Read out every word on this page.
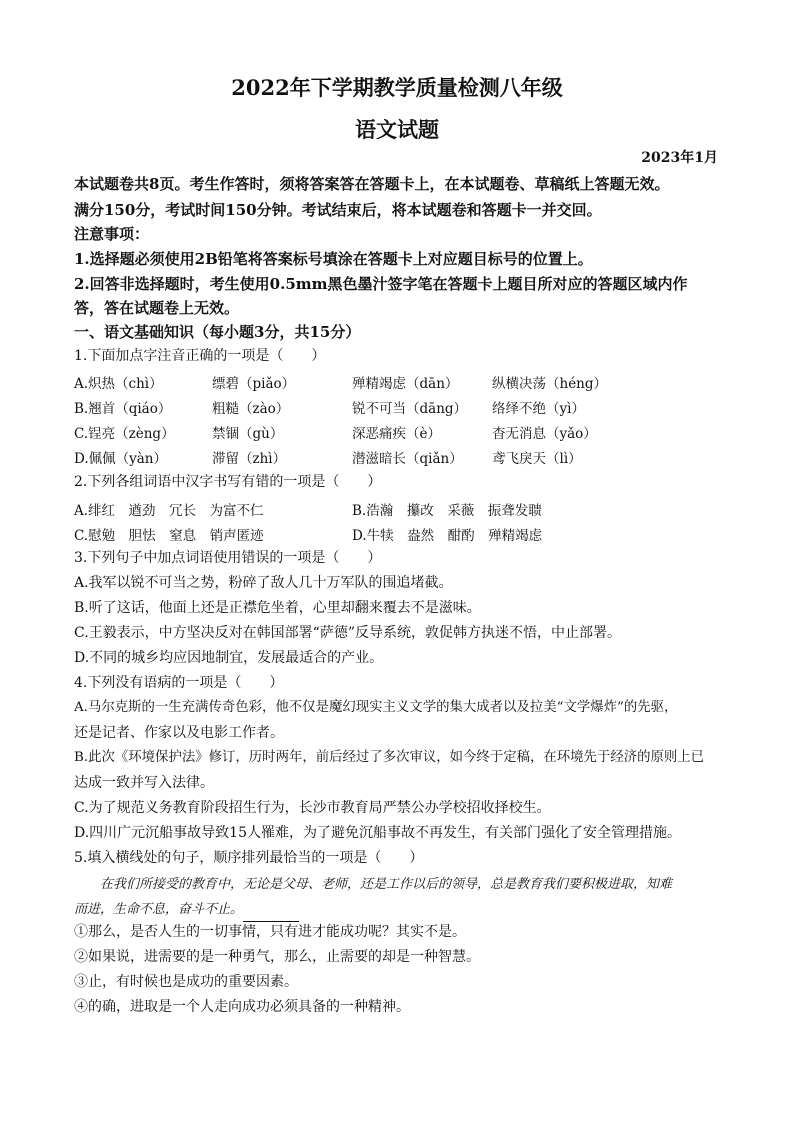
2022年下学期教学质量检测八年级
语文试题
2023年1月
本试题卷共8页。考生作答时，须将答案答在答题卡上，在本试题卷、草稿纸上答题无效。
满分150分，考试时间150分钟。考试结束后，将本试题卷和答题卡一并交回。
注意事项：
1.选择题必须使用2B铅笔将答案标号填涂在答题卡上对应题目标号的位置上。
2.回答非选择题时，考生使用0.5mm黑色墨汁签字笔在答题卡上题目所对应的答题区域内作
答，答在试题卷上无效。
一、语文基础知识（每小题3分，共15分）
1.下面加点字注音正确的一项是（　　）
A.炽热（chì）	缥碧（piǎo）	殚精竭虑（dān） 纵横决荡（héng）
B.翘首（qiáo）	粗糙（zào）	锐不可当（dāng） 络绎不绝（yì）
C.锃亮（zèng）	禁锢（gù）	深恶痛疾（è）	杳无消息（yǎo）
D.佩佩（yàn）	滞留（zhì）	潜滋暗长（qiǎn） 鸢飞戾天（lì）
2.下列各组词语中汉字书写有错的一项是（　　）
A.绯红　遒劲　冗长　为富不仁	B.浩瀚　攥改　采薇　振聋发聩
C.慰勉　胆怯　窒息　销声匿迹	D.牛犊　盎然　酣酌　殚精竭虑
3.下列句子中加点词语使用错误的一项是（　　）
A.我军以锐不可当之势，粉碎了敌人几十万军队的围追堵截。
B.听了这话，他面上还是正襟危坐着，心里却翻来覆去不是滋味。
C.王毅表示，中方坚决反对在韩国部署“萨德”反导系统，敦促韩方执迷不悟，中止部署。
D.不同的城乡均应因地制宜，发展最适合的产业。
4.下列没有语病的一项是（　　）
A.马尔克斯的一生充满传奇色彩，他不仅是魔幻现实主义文学的集大成者以及拉美“文学爆炸”的先驱，
还是记者、作家以及电影工作者。
B.此次《环境保护法》修订，历时两年，前后经过了多次审议，如今终于定稿，在环境先于经济的原则上已
达成一致并写入法律。
C.为了规范义务教育阶段招生行为，长沙市教育局严禁公办学校招收择校生。
D.四川广元沉船事故导致15人罹难，为了避免沉船事故不再发生，有关部门强化了安全管理措施。
5.填入横线处的句子，顺序排列最恰当的一项是（　　）
在我们所接受的教育中，无论是父母、老师，还是工作以后的领导，总是教育我们要积极进取，知难
而进，生命不息，奋斗不止。
①那么，是否人生的一切事情，只有进才能成功呢？其实不是。
②如果说，进需要的是一种勇气，那么，止需要的却是一种智慧。
③止，有时候也是成功的重要因素。
④的确，进取是一个人走向成功必须具备的一种精神。
